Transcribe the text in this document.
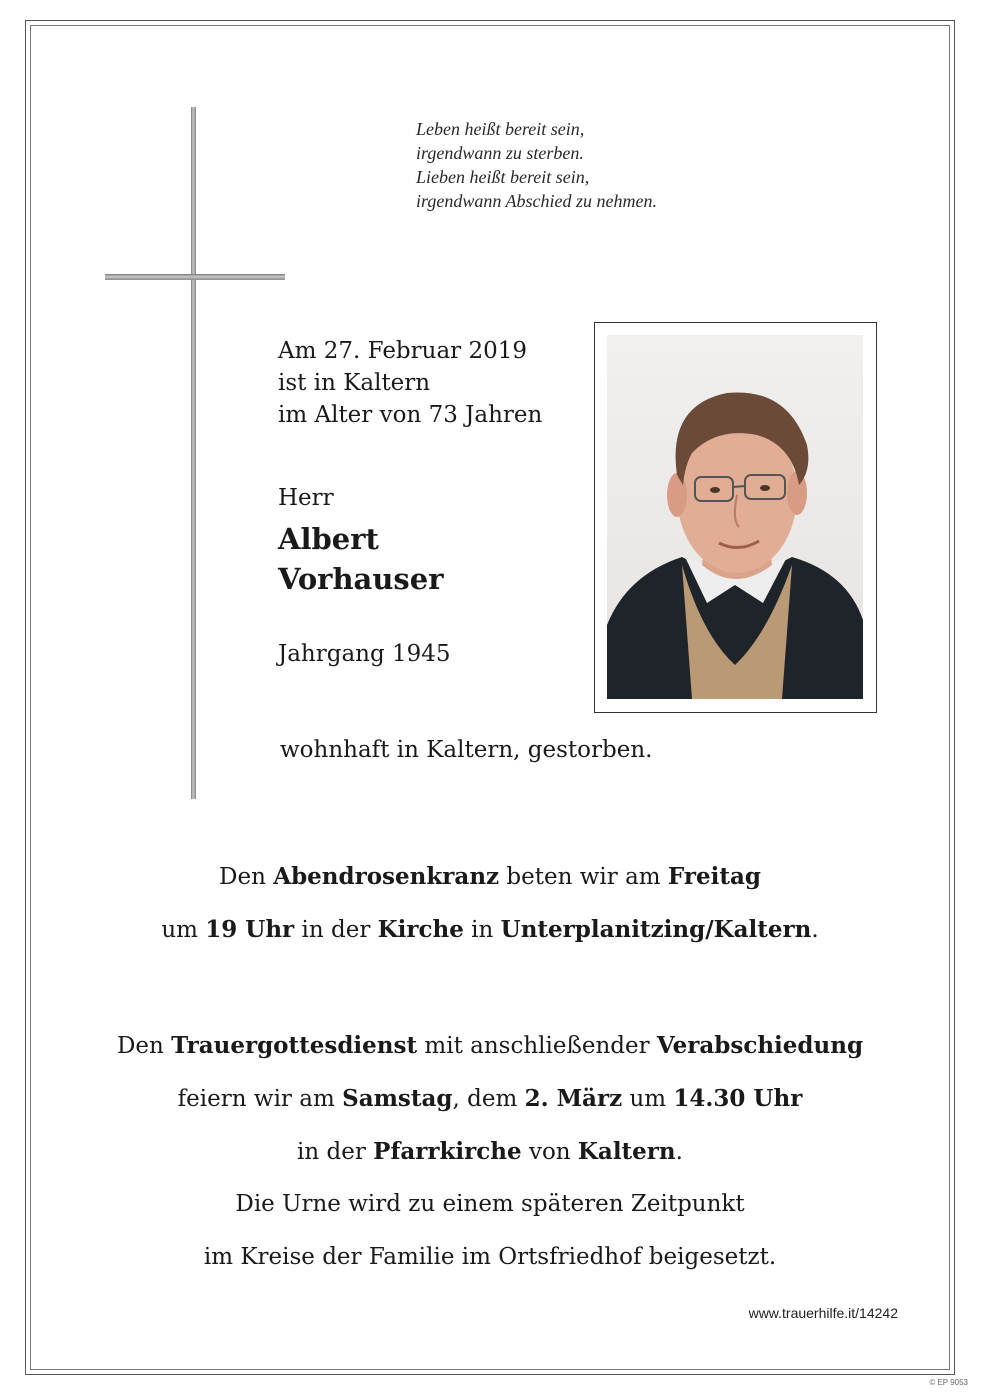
Leben heißt bereit sein,
irgendwann zu sterben.
Lieben heißt bereit sein,
irgendwann Abschied zu nehmen.
Am 27. Februar 2019
ist in Kaltern
im Alter von 73 Jahren
Herr
Albert
Vorhauser
Jahrgang 1945
wohnhaft in Kaltern, gestorben.
Den Abendrosenkranz beten wir am Freitag
um 19 Uhr in der Kirche in Unterplanitzing/Kaltern.
Den Trauergottesdienst mit anschließender Verabschiedung
feiern wir am Samstag, dem 2. März um 14.30 Uhr
in der Pfarrkirche von Kaltern.
Die Urne wird zu einem späteren Zeitpunkt
im Kreise der Familie im Ortsfriedhof beigesetzt.
www.trauerhilfe.it/14242
© EP 9053
